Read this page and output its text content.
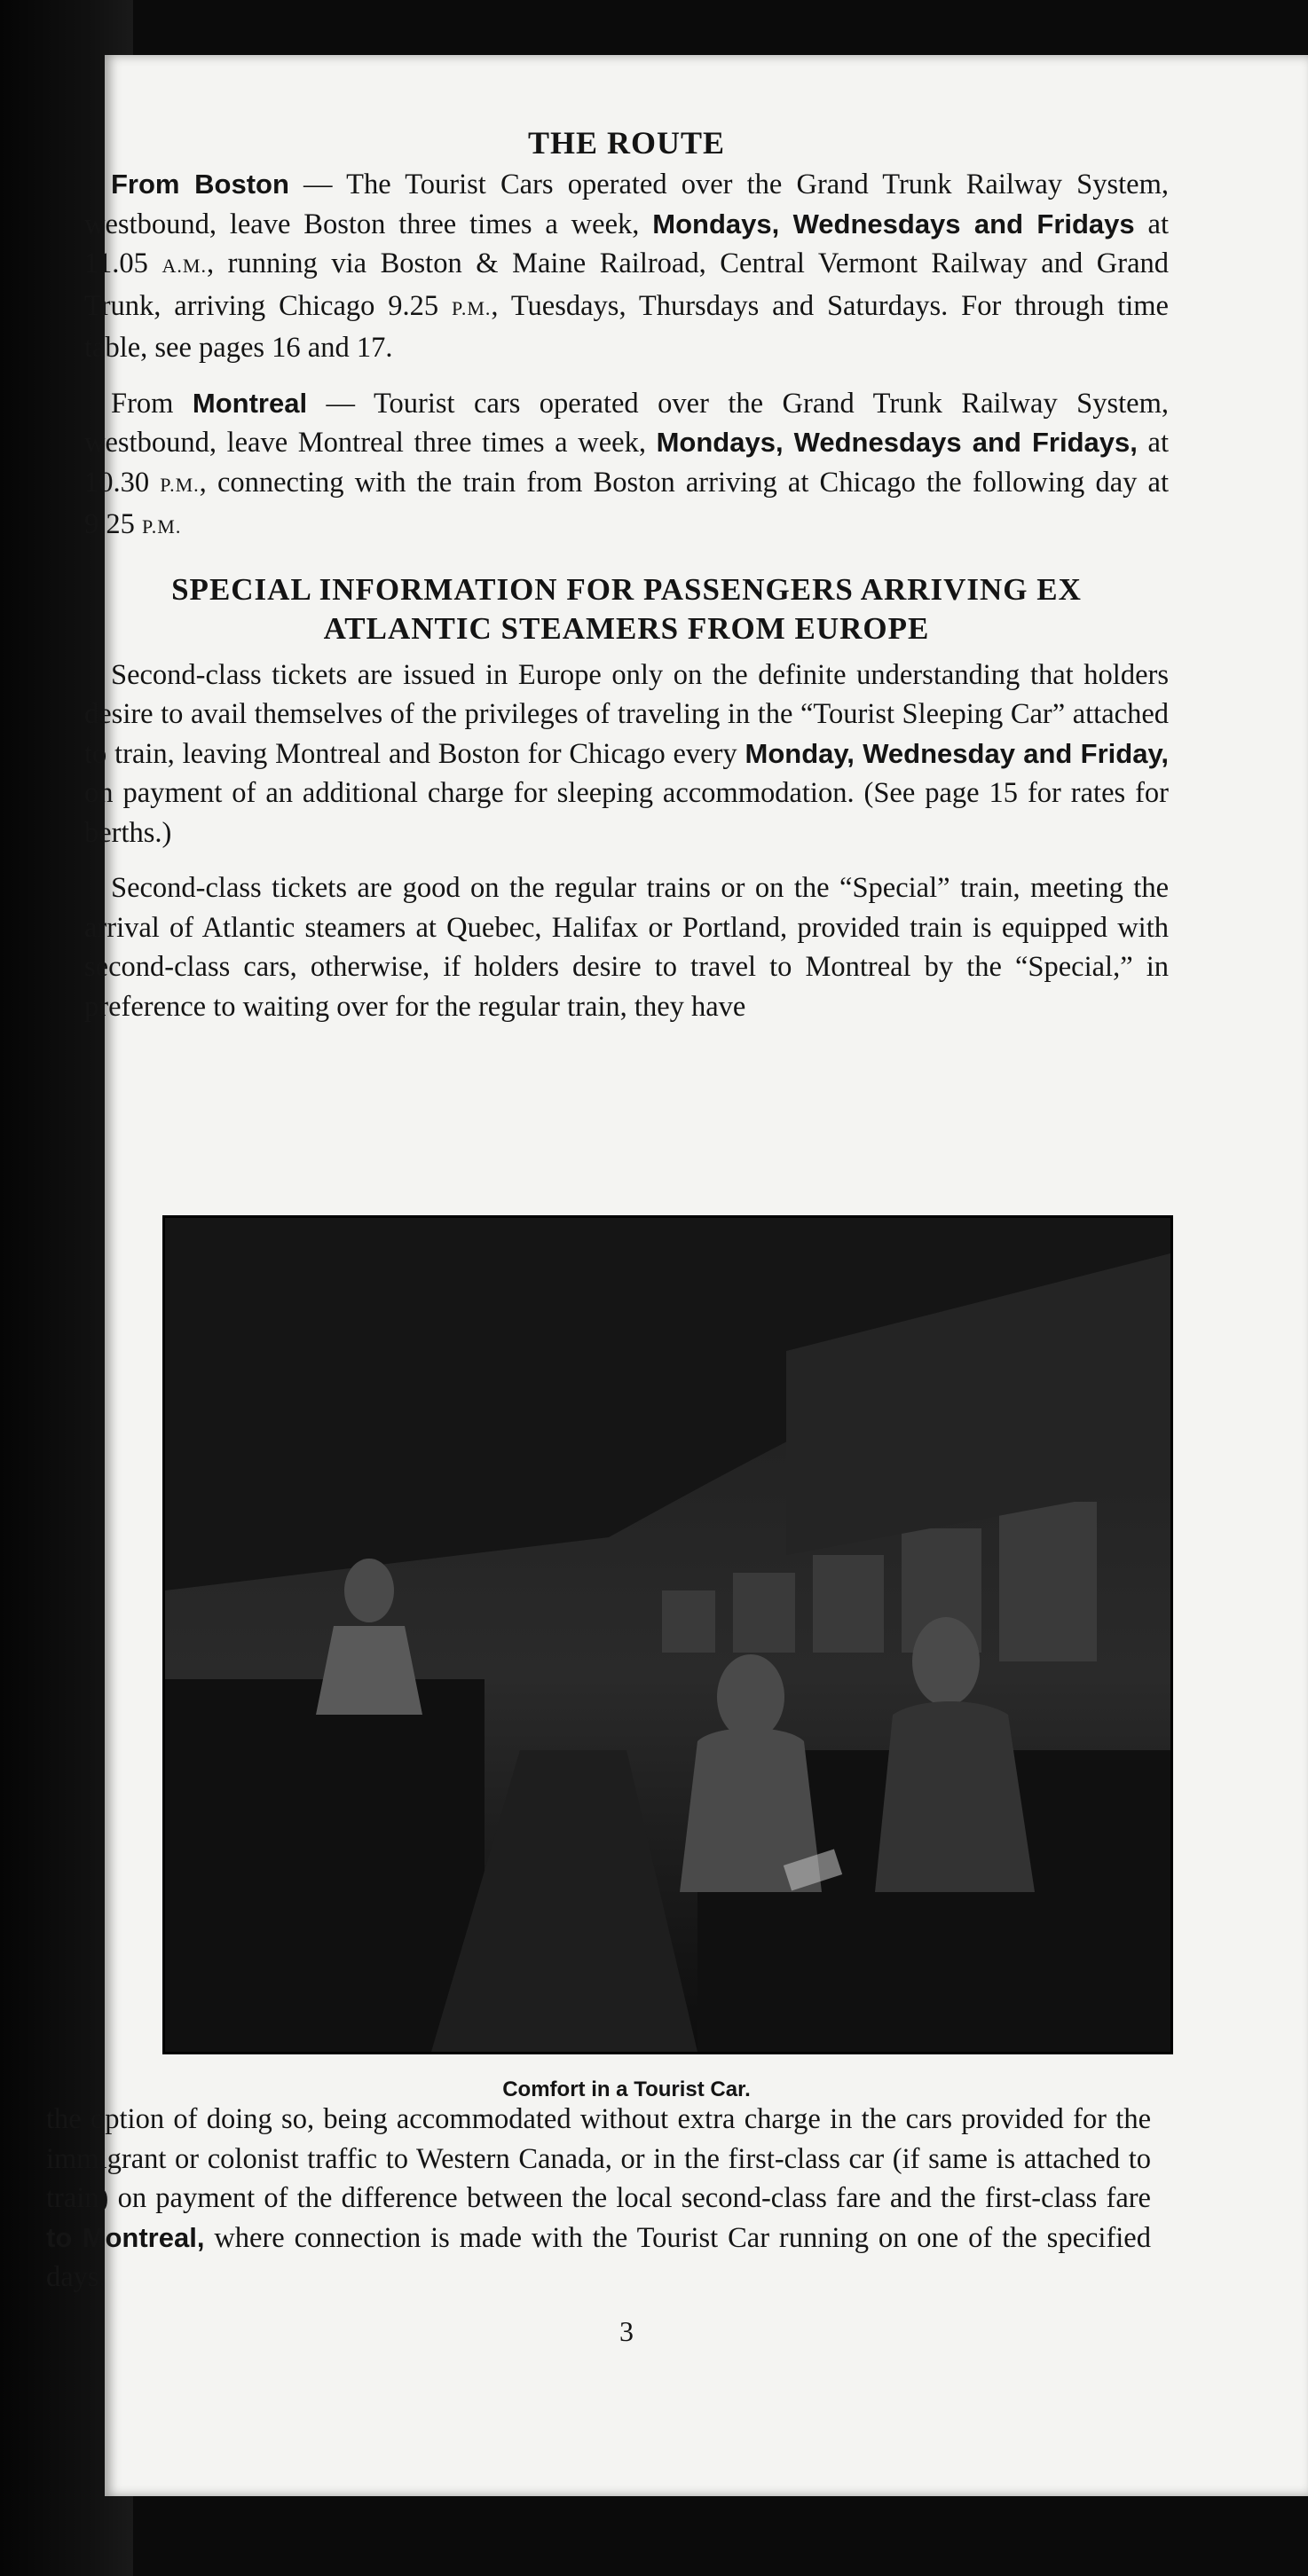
THE ROUTE

From Boston — The Tourist Cars operated over the Grand Trunk Railway System, westbound, leave Boston three times a week, Mondays, Wednesdays and Fridays at 11.05 A.M., running via Boston & Maine Railroad, Central Vermont Railway and Grand Trunk, arriving Chicago 9.25 P.M., Tuesdays, Thursdays and Saturdays. For through time table, see pages 16 and 17.

From Montreal — Tourist cars operated over the Grand Trunk Railway System, westbound, leave Montreal three times a week, Mondays, Wednesdays and Fridays, at 10.30 P.M., connecting with the train from Boston arriving at Chicago the following day at 9.25 P.M.

SPECIAL INFORMATION FOR PASSENGERS ARRIVING EX ATLANTIC STEAMERS FROM EUROPE

Second-class tickets are issued in Europe only on the definite understanding that holders desire to avail themselves of the privileges of traveling in the “Tourist Sleeping Car” attached to train, leaving Montreal and Boston for Chicago every Monday, Wednesday and Friday, on payment of an additional charge for sleeping accommodation. (See page 15 for rates for berths.)

Second-class tickets are good on the regular trains or on the “Special” train, meeting the arrival of Atlantic steamers at Quebec, Halifax or Portland, provided train is equipped with second-class cars, otherwise, if holders desire to travel to Montreal by the “Special,” in preference to waiting over for the regular train, they have

Comfort in a Tourist Car.

the option of doing so, being accommodated without extra charge in the cars provided for the immigrant or colonist traffic to Western Canada, or in the first-class car (if same is attached to train) on payment of the difference between the local second-class fare and the first-class fare to Montreal, where connection is made with the Tourist Car running on one of the specified days.

3
